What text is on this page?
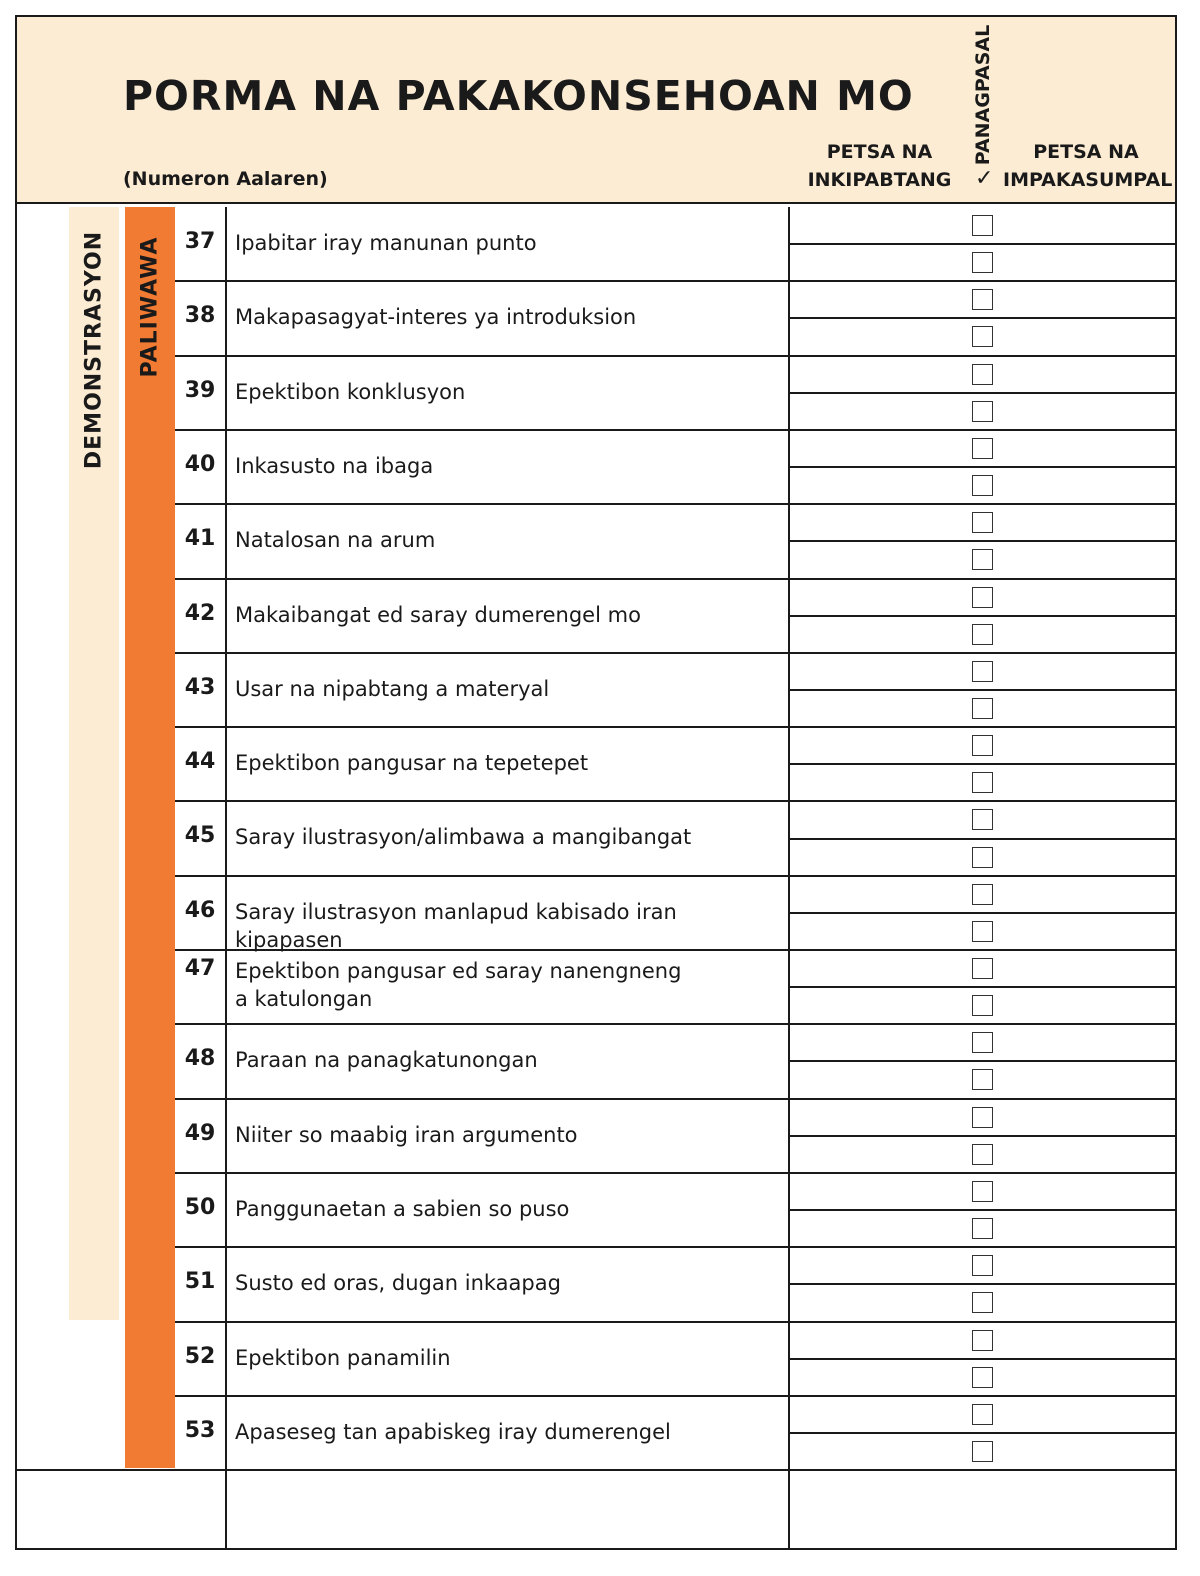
PORMA NA PAKAKONSEHOAN MO
(Numeron Aalaren)
PETSA NA
INKIPABTANG
PANAGPASAL
✓
PETSA NA
IMPAKASUMPAL
DEMONSTRASYON PALIWAWA	37 Ipabitar iray manunan punto
38 Makapasagyat-interes ya introduksion
39 Epektibon konklusyon
40 Inkasusto na ibaga
41 Natalosan na arum
42 Makaibangat ed saray dumerengel mo
43 Usar na nipabtang a materyal
44 Epektibon pangusar na tepetepet
45 Saray ilustrasyon/alimbawa a mangibangat
46 Saray ilustrasyon manlapud kabisado iran kipapasen
47 Epektibon pangusar ed saray nanengneng
a katulongan
48 Paraan na panagkatunongan
49 Niiter so maabig iran argumento
50 Panggunaetan a sabien so puso
51 Susto ed oras, dugan inkaapag
52 Epektibon panamilin
53 Apaseseg tan apabiskeg iray dumerengel
